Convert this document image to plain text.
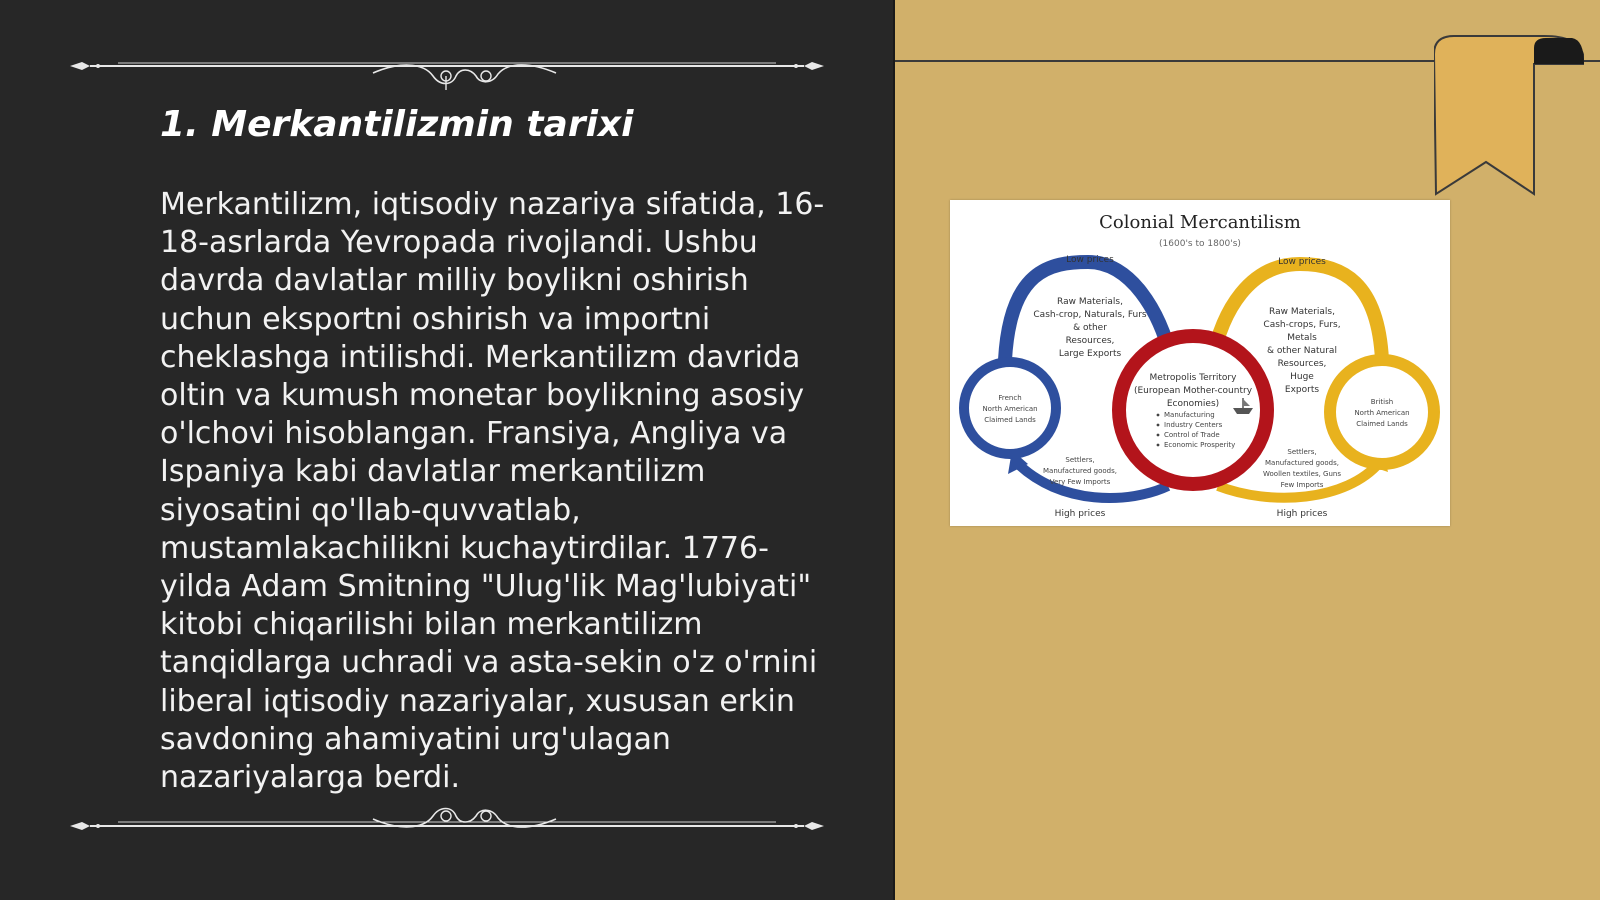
1. Merkantilizmin tarixi

Merkantilizm, iqtisodiy nazariya sifatida, 16-18-asrlarda Yevropada rivojlandi. Ushbu davrda davlatlar milliy boylikni oshirish uchun eksportni oshirish va importni cheklashga intilishdi. Merkantilizm davrida oltin va kumush monetar boylikning asosiy o'lchovi hisoblangan. Fransiya, Angliya va Ispaniya kabi davlatlar merkantilizm siyosatini qo'llab-quvvatlab, mustamlakachilikni kuchaytirdilar. 1776-yilda Adam Smitning "Ulug'lik Mag'lubiyati" kitobi chiqarilishi bilan merkantilizm tanqidlarga uchradi va asta-sekin o'z o'rnini liberal iqtisodiy nazariyalar, xususan erkin savdoning ahamiyatini urg'ulagan nazariyalarga berdi.

Colonial Mercantilism
(1600's to 1800's)
Low prices	Low prices
High prices	High prices
Raw Materials,
Cash-crop, Naturals, Furs
& other
Resources,
Large Exports
Raw Materials,
Cash-crops, Furs,
Metals
& other Natural
Resources,
Huge
Exports
French
North American
Claimed Lands
British
North American
Claimed Lands
Metropolis Territory
(European Mother-country
Economies)
Manufacturing
Industry Centers
Control of Trade
Economic Prosperity
Settlers,
Manufactured goods,
Very Few Imports
Settlers,
Manufactured goods,
Woollen textiles, Guns
Few Imports
